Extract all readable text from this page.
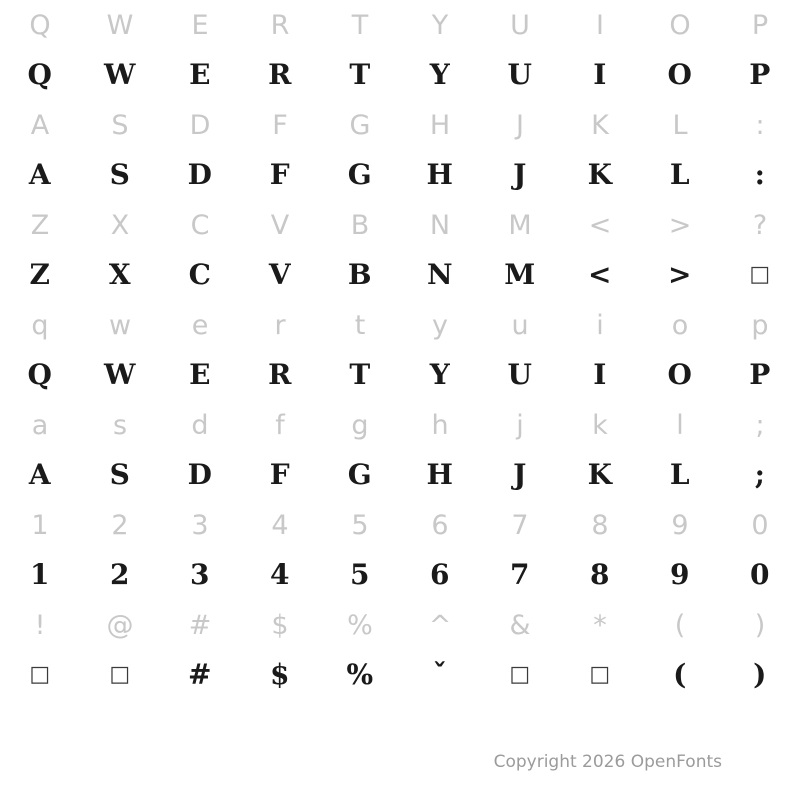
Q	W	E	R	T	Y	U	I	O	P
Q	W	E	R	T	Y	U	I	O	P
A	S	D	F	G	H	J	K	L	:
A	S	D	F	G	H	J	K	L	:
Z	X	C	V	B	N	M	<	>	?
Z	X	C	V	B	N	M	<	>	□
q	w	e	r	t	y	u	i	o	p
Q	W	E	R	T	Y	U	I	O	P
a	s	d	f	g	h	j	k	l	;
A	S	D	F	G	H	J	K	L	;
1	2	3	4	5	6	7	8	9	0
1	2	3	4	5	6	7	8	9	0
!	@	#	$	%	^	&	*	(	)
□	□	#	$	%	ˇ	□	□	(	)
Copyright 2026 OpenFonts
